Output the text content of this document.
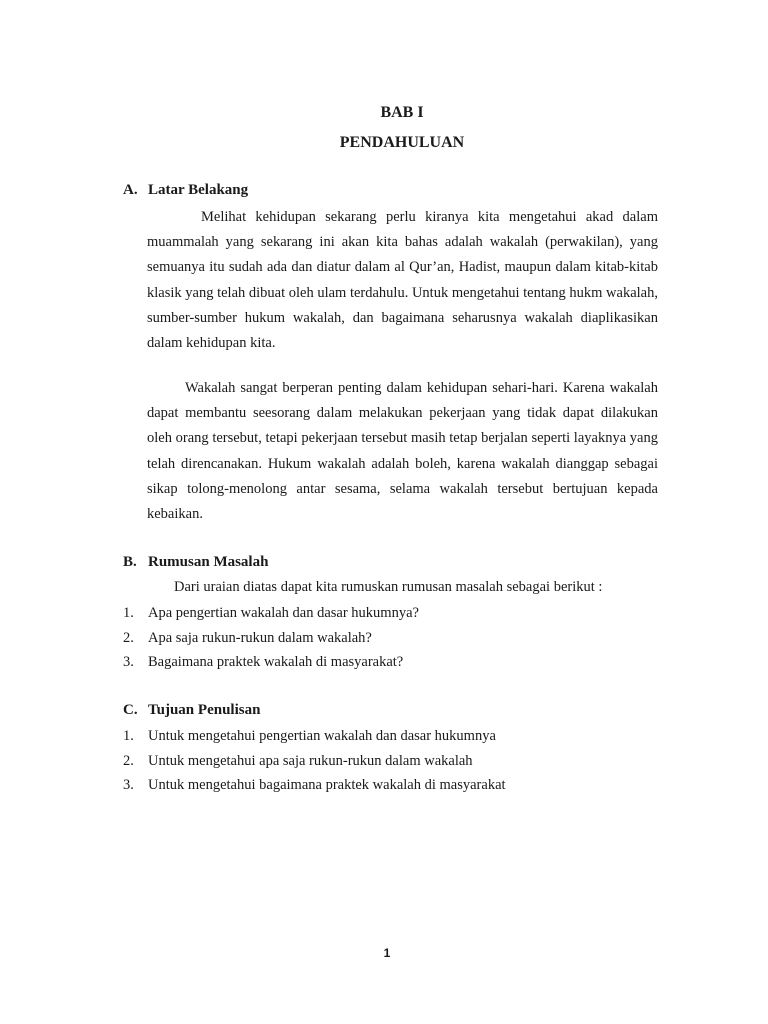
BAB I
PENDAHULUAN
A. Latar Belakang

Melihat kehidupan sekarang perlu kiranya kita mengetahui akad dalam muammalah yang sekarang ini akan kita bahas adalah wakalah (perwakilan), yang semuanya itu sudah ada dan diatur dalam al Qur’an, Hadist, maupun dalam kitab-kitab klasik yang telah dibuat oleh ulam terdahulu. Untuk mengetahui tentang hukm wakalah, sumber-sumber hukum wakalah, dan bagaimana seharusnya wakalah diaplikasikan dalam kehidupan kita.

Wakalah sangat berperan penting dalam kehidupan sehari-hari. Karena wakalah dapat membantu seesorang dalam melakukan pekerjaan yang tidak dapat dilakukan oleh orang tersebut, tetapi pekerjaan tersebut masih tetap berjalan seperti layaknya yang telah direncanakan. Hukum wakalah adalah boleh, karena wakalah dianggap sebagai sikap tolong-menolong antar sesama, selama wakalah tersebut bertujuan kepada kebaikan.

B. Rumusan Masalah
Dari uraian diatas dapat kita rumuskan rumusan masalah sebagai berikut :
1. Apa pengertian wakalah dan dasar hukumnya?
2. Apa saja rukun-rukun dalam wakalah?
3. Bagaimana praktek wakalah di masyarakat?
C. Tujuan Penulisan
1. Untuk mengetahui pengertian wakalah dan dasar hukumnya
2. Untuk mengetahui apa saja rukun-rukun dalam wakalah
3. Untuk mengetahui bagaimana praktek wakalah di masyarakat
1
